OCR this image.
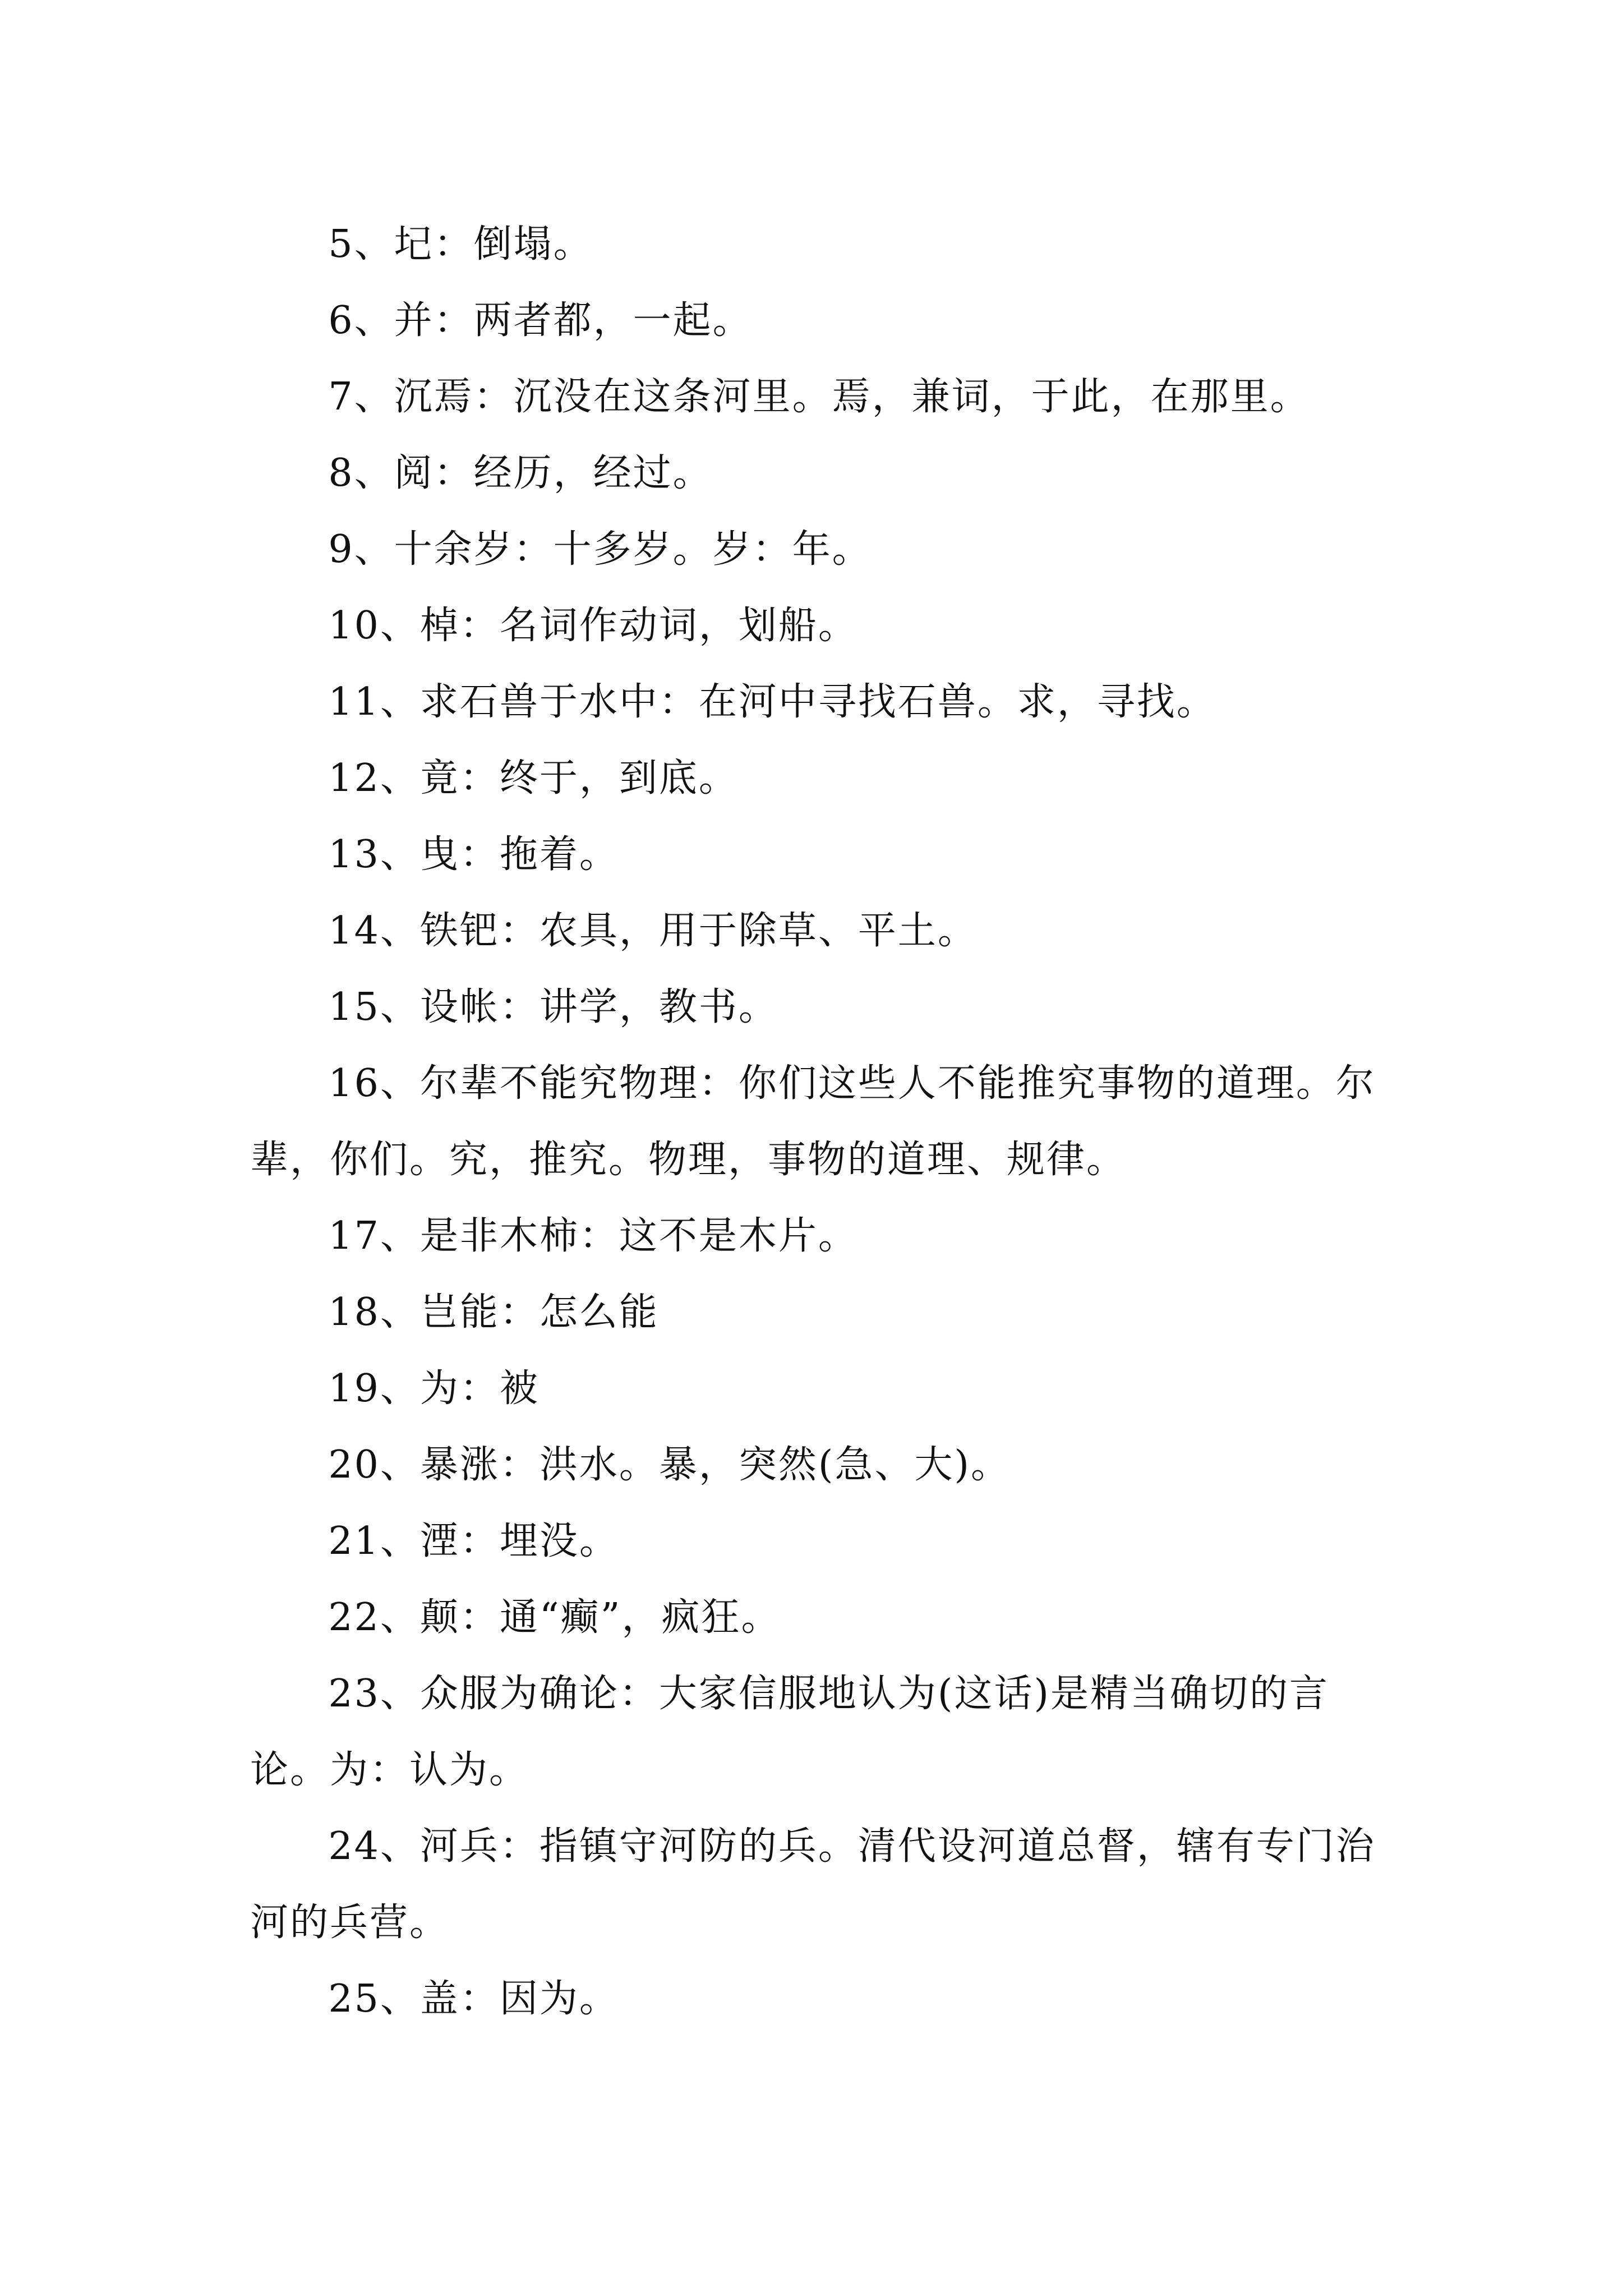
5、圮：倒塌。

6、并：两者都，一起。

7、沉焉：沉没在这条河里。焉，兼词，于此，在那里。

8、阅：经历，经过。

9、十余岁：十多岁。岁：年。

10、棹：名词作动词，划船。

11、求石兽于水中：在河中寻找石兽。求，寻找。

12、竟：终于，到底。

13、曳：拖着。

14、铁钯：农具，用于除草、平土。

15、设帐：讲学，教书。

16、尔辈不能究物理：你们这些人不能推究事物的道理。尔辈，你们。究，推究。物理，事物的道理、规律。

17、是非木柿：这不是木片。

18、岂能：怎么能

19、为：被

20、暴涨：洪水。暴，突然(急、大)。

21、湮：埋没。

22、颠：通“癫”，疯狂。

23、众服为确论：大家信服地认为(这话)是精当确切的言论。为：认为。

24、河兵：指镇守河防的兵。清代设河道总督，辖有专门治河的兵营。

25、盖：因为。
